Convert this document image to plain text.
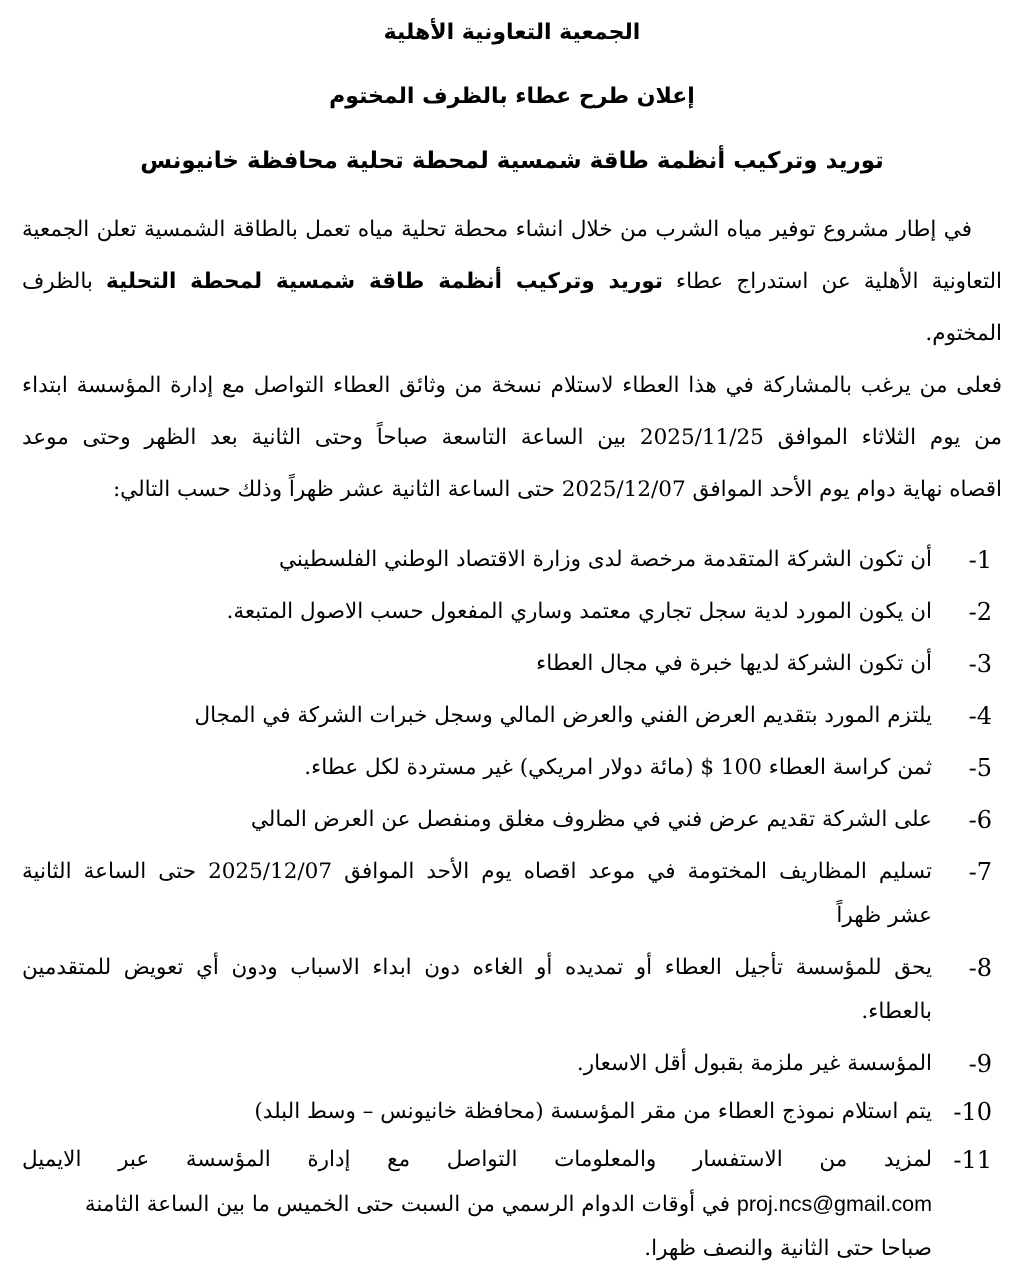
الجمعية التعاونية الأهلية
إعلان طرح عطاء بالظرف المختوم
توريد وتركيب أنظمة طاقة شمسية لمحطة تحلية محافظة خانيونس
في إطار مشروع توفير مياه الشرب من خلال انشاء محطة تحلية مياه تعمل بالطاقة الشمسية تعلن الجمعية
التعاونية الأهلية عن استدراج عطاء توريد وتركيب أنظمة طاقة شمسية لمحطة التحلية بالظرف المختوم.
فعلى من يرغب بالمشاركة في هذا العطاء لاستلام نسخة من وثائق العطاء التواصل مع إدارة المؤسسة ابتداء
من يوم الثلاثاء الموافق 2025/11/25 بين الساعة التاسعة صباحاً وحتى الثانية بعد الظهر وحتى موعد
اقصاه نهاية دوام يوم الأحد الموافق 2025/12/07 حتى الساعة الثانية عشر ظهراً وذلك حسب التالي:
1-
أن تكون الشركة المتقدمة مرخصة لدى وزارة الاقتصاد الوطني الفلسطيني
2-
ان يكون المورد لدية سجل تجاري معتمد وساري المفعول حسب الاصول المتبعة.
3-
أن تكون الشركة لديها خبرة في مجال العطاء
4-
يلتزم المورد بتقديم العرض الفني والعرض المالي وسجل خبرات الشركة في المجال
5-
ثمن كراسة العطاء 100 $ (مائة دولار امريكي) غير مستردة لكل عطاء.
6-
على الشركة تقديم عرض فني في مظروف مغلق ومنفصل عن العرض المالي
7-
تسليم المظاريف المختومة في موعد اقصاه يوم الأحد الموافق 2025/12/07 حتى الساعة الثانية
عشر ظهراً
8-
يحق للمؤسسة تأجيل العطاء أو تمديده أو الغاءه دون ابداء الاسباب ودون أي تعويض للمتقدمين
بالعطاء.
9-
المؤسسة غير ملزمة بقبول أقل الاسعار.
10-
يتم استلام نموذج العطاء من مقر المؤسسة (محافظة خانيونس – وسط البلد)
11-
لمزيد من الاستفسار والمعلومات التواصل مع إدارة المؤسسة عبر الايميل
proj.ncs@gmail.com في أوقات الدوام الرسمي من السبت حتى الخميس ما بين الساعة الثامنة
صباحا حتى الثانية والنصف ظهرا.
